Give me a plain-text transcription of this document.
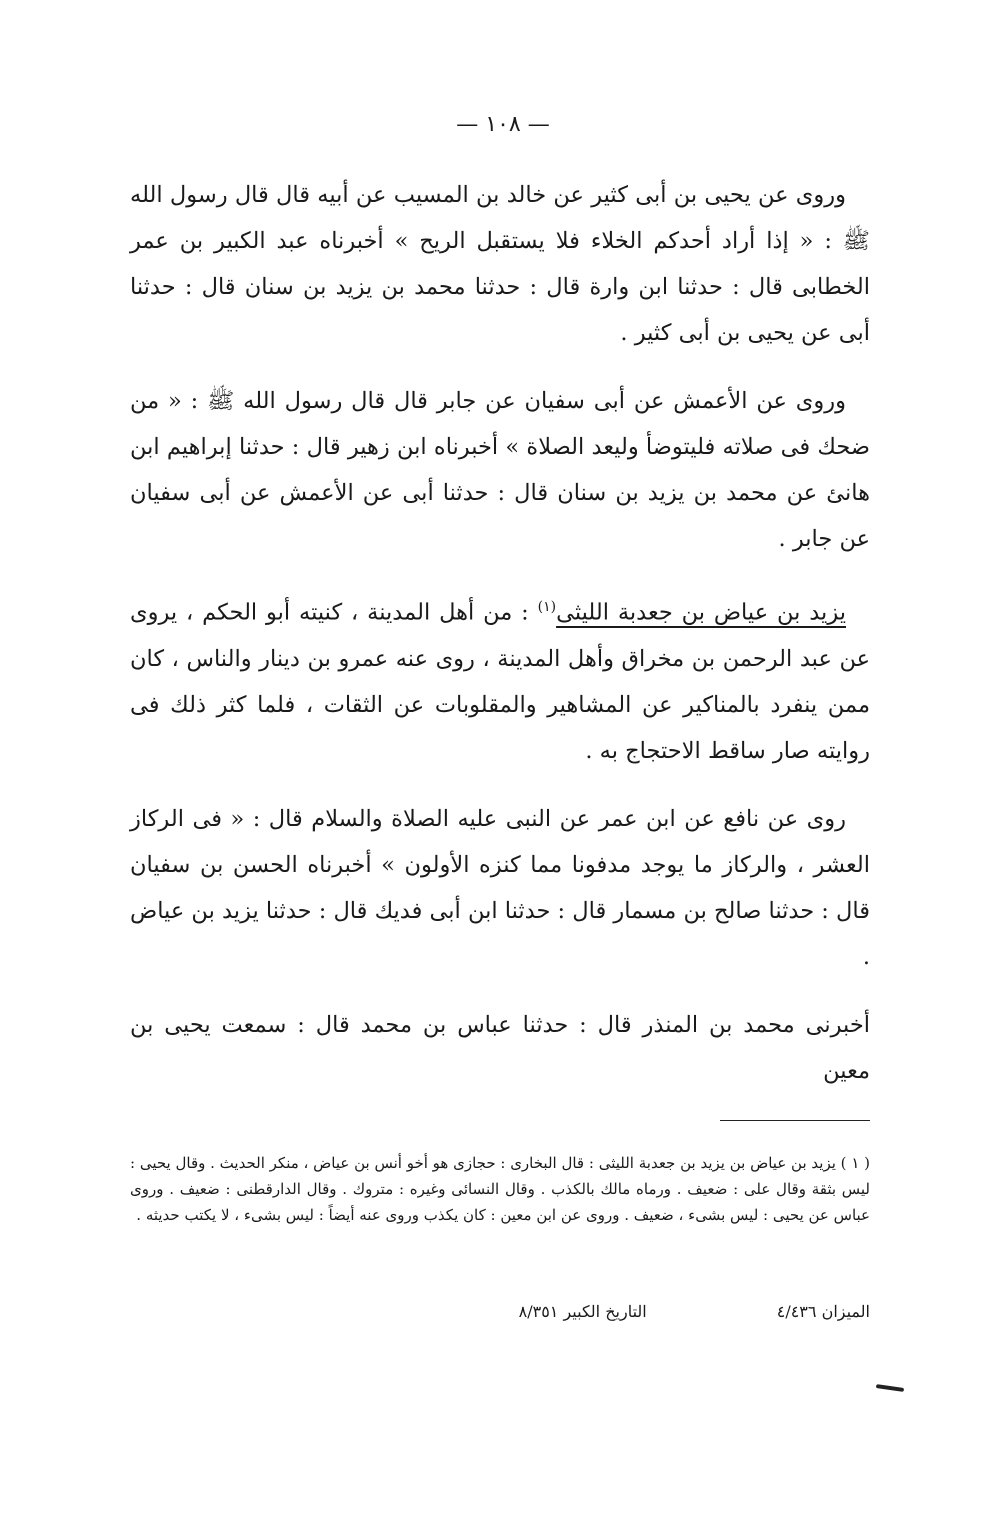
— ١٠٨ —

وروى عن يحيى بن أبى كثير عن خالد بن المسيب عن أبيه قال قال رسول الله ﷺ : « إذا أراد أحدكم الخلاء فلا يستقبل الريح » أخبرناه عبد الكبير بن عمر الخطابى قال : حدثنا ابن وارة قال : حدثنا محمد بن يزيد بن سنان قال : حدثنا أبى عن يحيى بن أبى كثير .

وروى عن الأعمش عن أبى سفيان عن جابر قال قال رسول الله ﷺ : « من ضحك فى صلاته فليتوضأ وليعد الصلاة » أخبرناه ابن زهير قال : حدثنا إبراهيم ابن هانئ عن محمد بن يزيد بن سنان قال : حدثنا أبى عن الأعمش عن أبى سفيان عن جابر .

يزيد بن عياض بن جعدبة الليثى$^{(١)}$ : من أهل المدينة ، كنيته أبو الحكم ، يروى عن عبد الرحمن بن مخراق وأهل المدينة ، روى عنه عمرو بن دينار والناس ، كان ممن ينفرد بالمناكير عن المشاهير والمقلوبات عن الثقات ، فلما كثر ذلك فى روايته صار ساقط الاحتجاج به .

روى عن نافع عن ابن عمر عن النبى عليه الصلاة والسلام قال : « فى الركاز العشر ، والركاز ما يوجد مدفونا مما كنزه الأولون » أخبرناه الحسن بن سفيان قال : حدثنا صالح بن مسمار قال : حدثنا ابن أبى فديك قال : حدثنا يزيد بن عياض .

أخبرنى محمد بن المنذر قال : حدثنا عباس بن محمد قال : سمعت يحيى بن معين

( ١ ) يزيد بن عياض بن يزيد بن جعدبة الليثى : قال البخارى : حجازى هو أخو أنس بن عياض ، منكر الحديث . وقال يحيى : ليس بثقة وقال على : ضعيف . ورماه مالك بالكذب . وقال النسائى وغيره : متروك . وقال الدارقطنى : ضعيف . وروى عباس عن يحيى : ليس بشىء ، ضعيف . وروى عن ابن معين : كان يكذب وروى عنه أيضاً : ليس بشىء ، لا يكتب حديثه .

الميزان ٤/٤٣٦
التاريخ الكبير ٨/٣٥١
